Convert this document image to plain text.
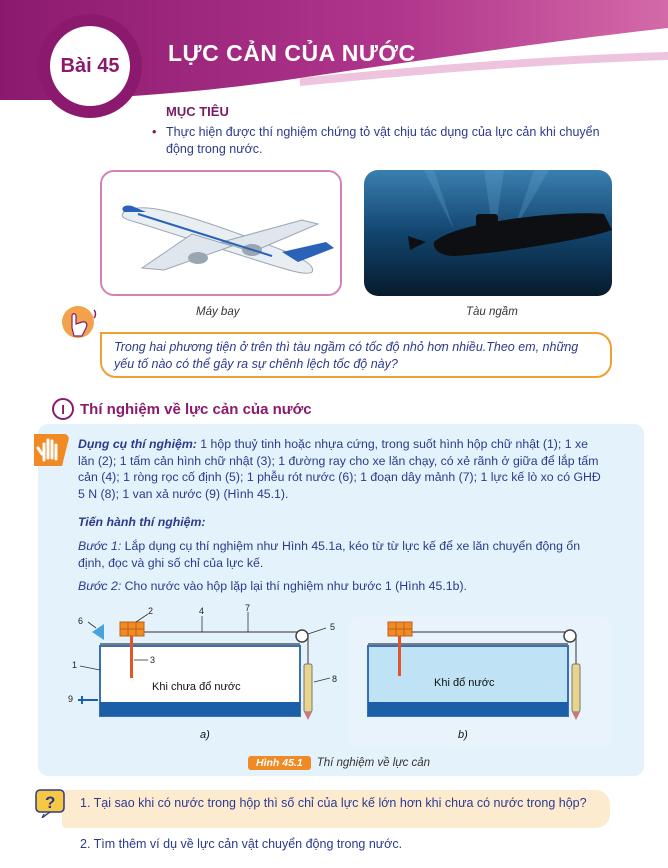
Bài 45	LỰC CẢN CỦA NƯỚC
MỤC TIÊU
• Thực hiện được thí nghiệm chứng tỏ vật chịu tác dụng của lực cản khi chuyển động trong nước.
Máy bay	Tàu ngầm
Trong hai phương tiện ở trên thì tàu ngầm có tốc độ nhỏ hơn nhiều.Theo em, những yếu tố nào có thể gây ra sự chênh lệch tốc độ này?
I	Thí nghiệm về lực cản của nước
Dụng cụ thí nghiệm: 1 hộp thuỷ tinh hoặc nhựa cứng, trong suốt hình hộp chữ nhật (1); 1 xe lăn (2); 1 tấm cản hình chữ nhật (3); 1 đường ray cho xe lăn chạy, có xẻ rãnh ở giữa để lắp tấm cản (4); 1 ròng rọc cố định (5); 1 phễu rót nước (6); 1 đoạn dây mảnh (7); 1 lực kế lò xo có GHĐ 5 N (8); 1 van xả nước (9) (Hình 45.1).
Tiến hành thí nghiệm:
Bước 1: Lắp dụng cụ thí nghiệm như Hình 45.1a, kéo từ từ lực kế để xe lăn chuyển động ổn định, đọc và ghi số chỉ của lực kế.
Bước 2: Cho nước vào hộp lặp lại thí nghiệm như bước 1 (Hình 45.1b).
6
2	4	7
5
3
1
8
9
Khi chưa đổ nước	Khi đổ nước
a)	b)
Hình 45.1	Thí nghiệm về lực cản
? 1. Tại sao khi có nước trong hộp thì số chỉ của lực kế lớn hơn khi chưa có nước trong hộp?
2. Tìm thêm ví dụ về lực cản vật chuyển động trong nước.
